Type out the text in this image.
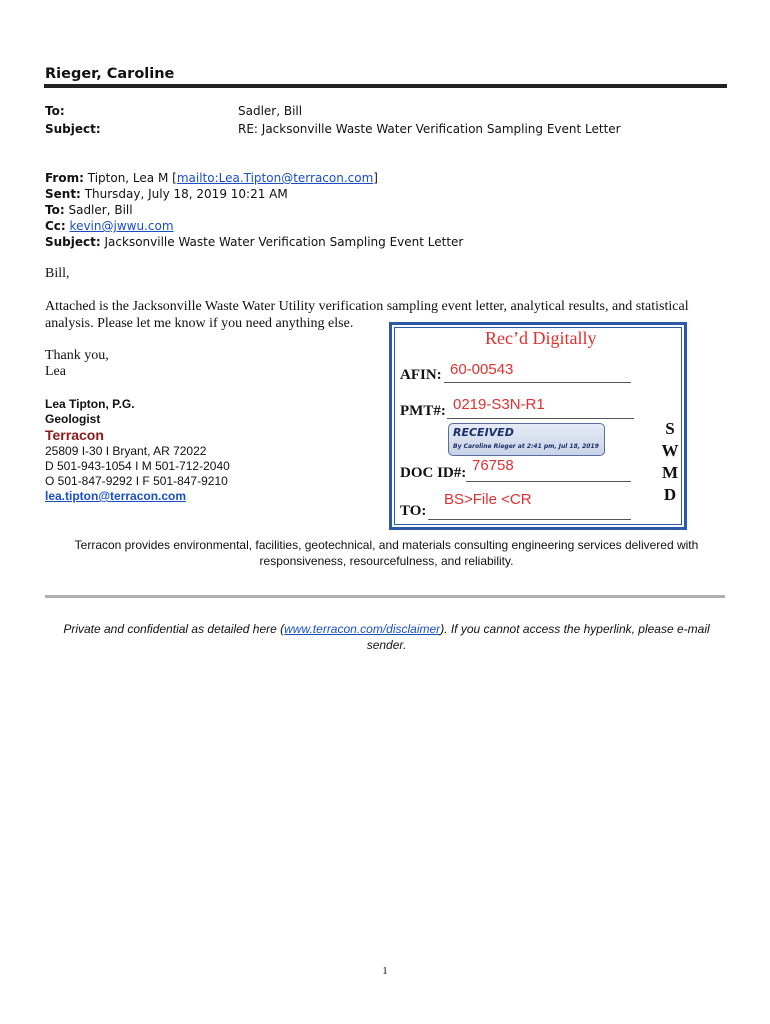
Rieger, Caroline
To:	Sadler, Bill
Subject:	RE: Jacksonville Waste Water Verification Sampling Event Letter
From: Tipton, Lea M [mailto:Lea.Tipton@terracon.com]
Sent: Thursday, July 18, 2019 10:21 AM
To: Sadler, Bill
Cc: kevin@jwwu.com
Subject: Jacksonville Waste Water Verification Sampling Event Letter
Bill,
Attached is the Jacksonville Waste Water Utility verification sampling event letter, analytical results, and statistical
analysis. Please let me know if you need anything else.
Thank you,
Lea
Lea Tipton, P.G.
Geologist
Terracon
25809 I-30 I Bryant, AR 72022
D 501-943-1054 I M 501-712-2040
O 501-847-9292 I F 501-847-9210
lea.tipton@terracon.com
Rec’d Digitally
AFIN: 60-00543
PMT#: 0219-S3N-R1
RECEIVED
By Caroline Rieger at 2:41 pm, Jul 18, 2019
DOC ID#: 76758
TO:
BS>File <CR
S
W
M
D
Terracon provides environmental, facilities, geotechnical, and materials consulting engineering services delivered with
responsiveness, resourcefulness, and reliability.
Private and confidential as detailed here (www.terracon.com/disclaimer). If you cannot access the hyperlink, please e-mail
sender.
1
